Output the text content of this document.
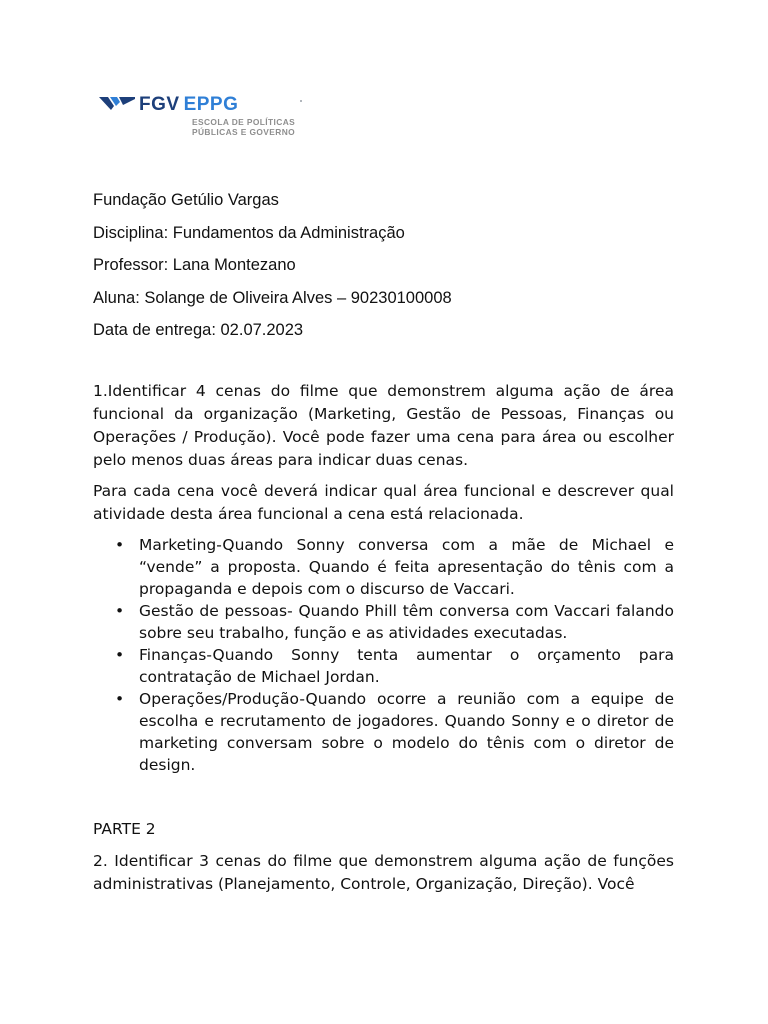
FGV EPPG
ESCOLA DE POLÍTICAS
PÚBLICAS E GOVERNO
Fundação Getúlio Vargas
Disciplina: Fundamentos da Administração
Professor: Lana Montezano
Aluna: Solange de Oliveira Alves – 90230100008
Data de entrega: 02.07.2023

1.Identificar 4 cenas do filme que demonstrem alguma ação de área funcional da organização (Marketing, Gestão de Pessoas, Finanças ou Operações / Produção). Você pode fazer uma cena para área ou escolher pelo menos duas áreas para indicar duas cenas.

Para cada cena você deverá indicar qual área funcional e descrever qual atividade desta área funcional a cena está relacionada.

• Marketing-Quando Sonny conversa com a mãe de Michael e “vende” a proposta. Quando é feita apresentação do tênis com a propaganda e depois com o discurso de Vaccari.
• Gestão de pessoas- Quando Phill têm conversa com Vaccari falando sobre seu trabalho, função e as atividades executadas.
• Finanças-Quando Sonny tenta aumentar o orçamento para contratação de Michael Jordan.
• Operações/Produção-Quando ocorre a reunião com a equipe de escolha e recrutamento de jogadores. Quando Sonny e o diretor de marketing conversam sobre o modelo do tênis com o diretor de design.

PARTE 2

2. Identificar 3 cenas do filme que demonstrem alguma ação de funções administrativas (Planejamento, Controle, Organização, Direção). Você
